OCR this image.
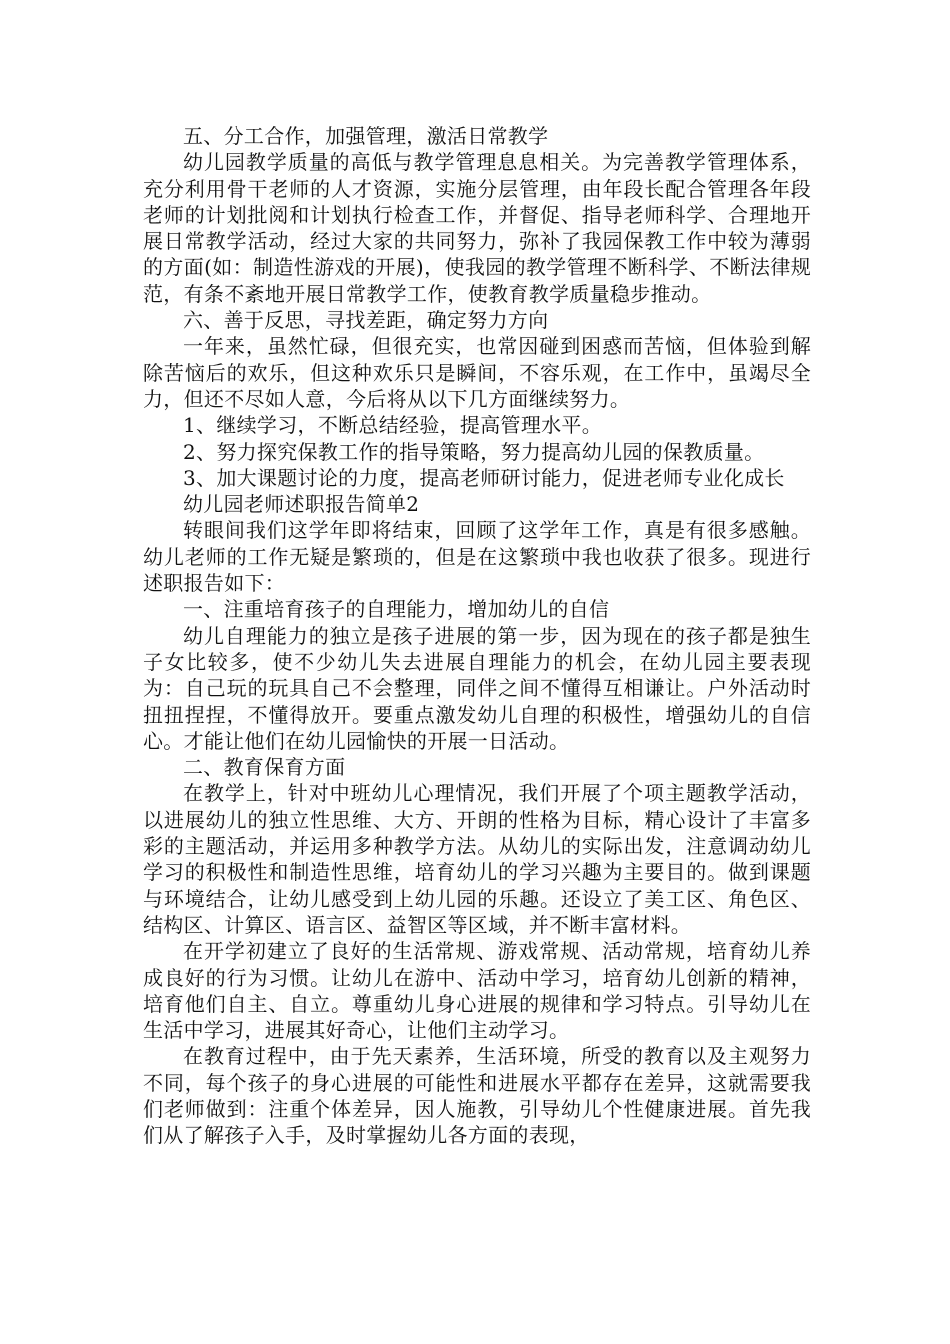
五、分工合作，加强管理，激活日常教学

幼儿园教学质量的高低与教学管理息息相关。为完善教学管理体系，充分利用骨干老师的人才资源，实施分层管理，由年段长配合管理各年段老师的计划批阅和计划执行检查工作，并督促、指导老师科学、合理地开展日常教学活动，经过大家的共同努力，弥补了我园保教工作中较为薄弱的方面(如：制造性游戏的开展)，使我园的教学管理不断科学、不断法律规范，有条不紊地开展日常教学工作，使教育教学质量稳步推动。

六、善于反思，寻找差距，确定努力方向

一年来，虽然忙碌，但很充实，也常因碰到困惑而苦恼，但体验到解除苦恼后的欢乐，但这种欢乐只是瞬间，不容乐观，在工作中，虽竭尽全力，但还不尽如人意，今后将从以下几方面继续努力。

1、继续学习，不断总结经验，提高管理水平。

2、努力探究保教工作的指导策略，努力提高幼儿园的保教质量。

3、加大课题讨论的力度，提高老师研讨能力，促进老师专业化成长

幼儿园老师述职报告简单2

转眼间我们这学年即将结束，回顾了这学年工作，真是有很多感触。幼儿老师的工作无疑是繁琐的，但是在这繁琐中我也收获了很多。现进行述职报告如下：

一、注重培育孩子的自理能力，增加幼儿的自信

幼儿自理能力的独立是孩子进展的第一步，因为现在的孩子都是独生子女比较多，使不少幼儿失去进展自理能力的机会，在幼儿园主要表现为：自己玩的玩具自己不会整理，同伴之间不懂得互相谦让。户外活动时扭扭捏捏，不懂得放开。要重点激发幼儿自理的积极性，增强幼儿的自信心。才能让他们在幼儿园愉快的开展一日活动。

二、教育保育方面

在教学上，针对中班幼儿心理情况，我们开展了个项主题教学活动，以进展幼儿的独立性思维、大方、开朗的性格为目标，精心设计了丰富多彩的主题活动，并运用多种教学方法。从幼儿的实际出发，注意调动幼儿学习的积极性和制造性思维，培育幼儿的学习兴趣为主要目的。做到课题与环境结合，让幼儿感受到上幼儿园的乐趣。还设立了美工区、角色区、结构区、计算区、语言区、益智区等区域，并不断丰富材料。

在开学初建立了良好的生活常规、游戏常规、活动常规，培育幼儿养成良好的行为习惯。让幼儿在游中、活动中学习，培育幼儿创新的精神，培育他们自主、自立。尊重幼儿身心进展的规律和学习特点。引导幼儿在生活中学习，进展其好奇心，让他们主动学习。

在教育过程中，由于先天素养，生活环境，所受的教育以及主观努力不同，每个孩子的身心进展的可能性和进展水平都存在差异，这就需要我们老师做到：注重个体差异，因人施教，引导幼儿个性健康进展。首先我们从了解孩子入手，及时掌握幼儿各方面的表现，
